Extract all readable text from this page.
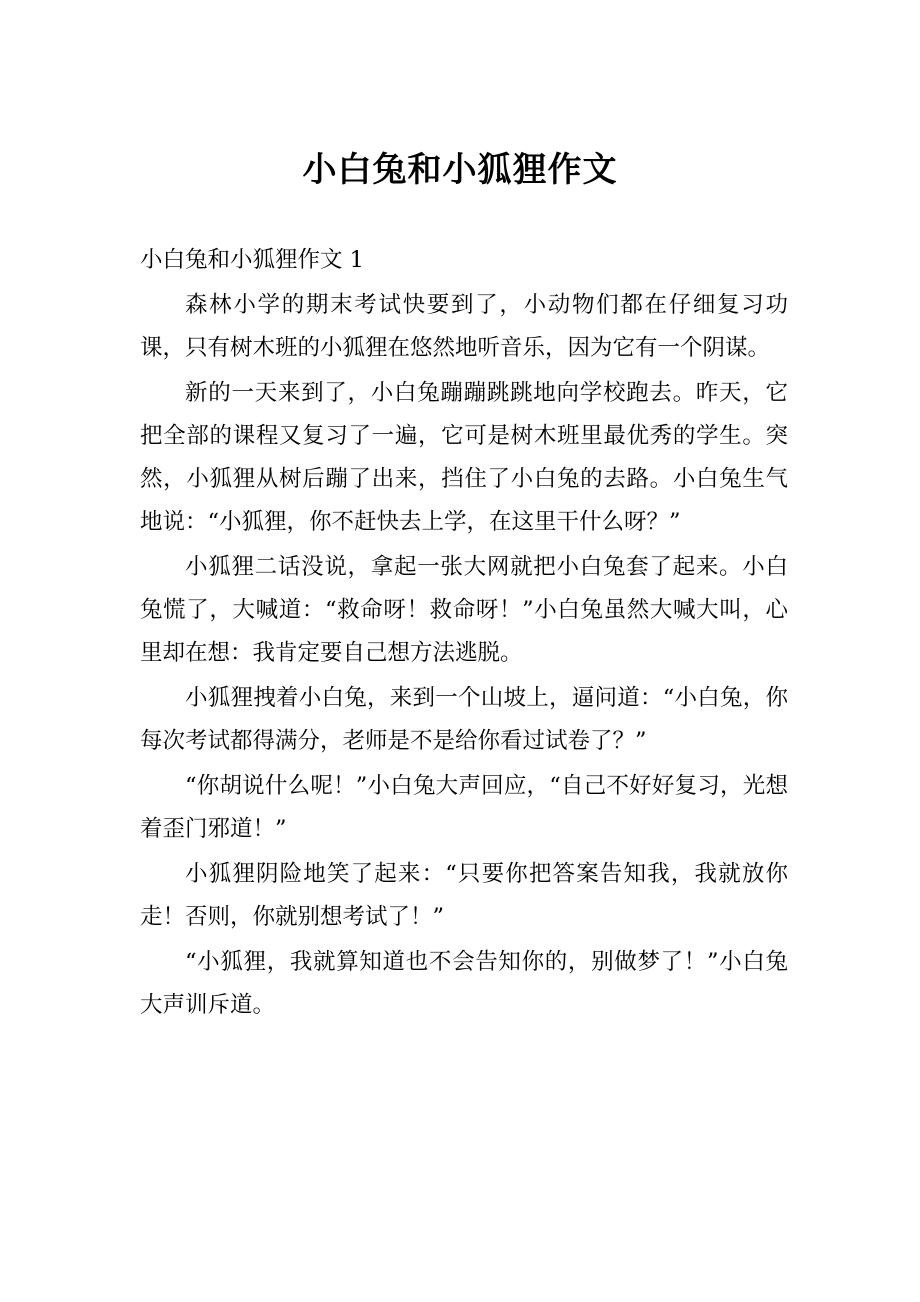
小白兔和小狐狸作文

小白兔和小狐狸作文 1

森林小学的期末考试快要到了，小动物们都在仔细复习功课，只有树木班的小狐狸在悠然地听音乐，因为它有一个阴谋。

新的一天来到了，小白兔蹦蹦跳跳地向学校跑去。昨天，它把全部的课程又复习了一遍，它可是树木班里最优秀的学生。突然，小狐狸从树后蹦了出来，挡住了小白兔的去路。小白兔生气地说：“小狐狸，你不赶快去上学，在这里干什么呀？”

小狐狸二话没说，拿起一张大网就把小白兔套了起来。小白兔慌了，大喊道：“救命呀！救命呀！”小白兔虽然大喊大叫，心里却在想：我肯定要自己想方法逃脱。

小狐狸拽着小白兔，来到一个山坡上，逼问道：“小白兔，你每次考试都得满分，老师是不是给你看过试卷了？”

“你胡说什么呢！”小白兔大声回应，“自己不好好复习，光想着歪门邪道！”

小狐狸阴险地笑了起来：“只要你把答案告知我，我就放你走！否则，你就别想考试了！”

“小狐狸，我就算知道也不会告知你的，别做梦了！”小白兔大声训斥道。
